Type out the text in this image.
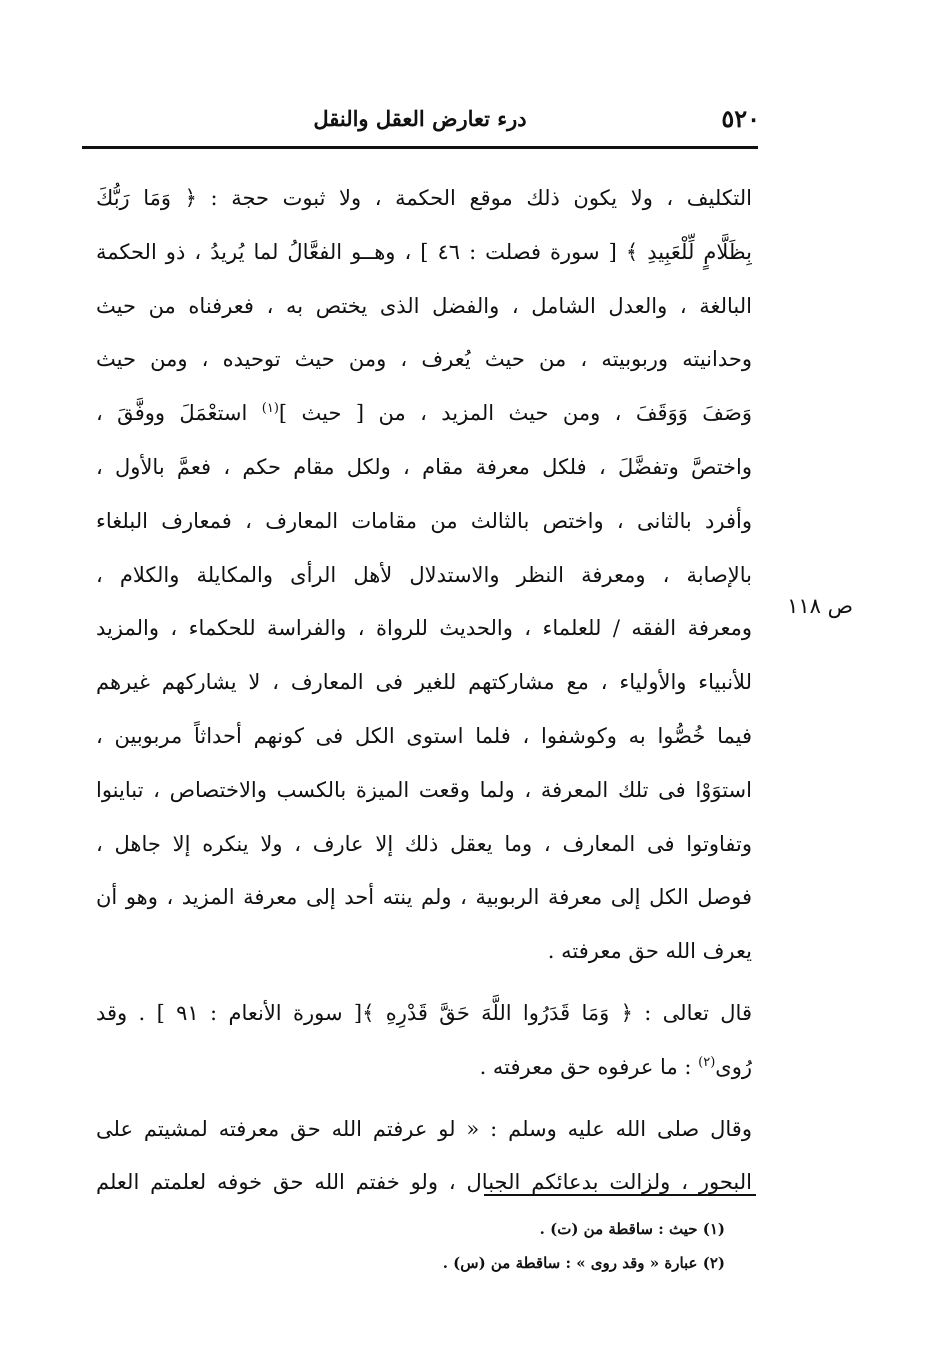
٥٢٠
درء تعارض العقل والنقل
ص ١١٨
التكليف ، ولا يكون ذلك موقع الحكمة ، ولا ثبوت حجة : ﴿ وَمَا رَبُّكَ
بِظَلَّامٍ لِّلْعَبِيدِ ﴾ [ سورة فصلت : ٤٦ ] ، وهــو الفعَّالُ لما يُريدُ ، ذو الحكمة
البالغة ، والعدل الشامل ، والفضل الذى يختص به ، فعرفناه من حيث
وحدانيته وربوبيته ، من حيث يُعرف ، ومن حيث توحيده ، ومن حيث
وَصَفَ وَوَقَفَ ، ومن حيث المزيد ، من [ حيث ]$^{(١)}$ استعْمَلَ ووفَّقَ ،
واختصَّ وتفضَّلَ ، فلكل معرفة مقام ، ولكل مقام حكم ، فعمَّ بالأول ،
وأفرد بالثانى ، واختص بالثالث من مقامات المعارف ، فمعارف البلغاء
بالإصابة ، ومعرفة النظر والاستدلال لأهل الرأى والمكايلة والكلام ،
ومعرفة الفقه / للعلماء ، والحديث للرواة ، والفراسة للحكماء ، والمزيد
للأنبياء والأولياء ، مع مشاركتهم للغير فى المعارف ، لا يشاركهم غيرهم
فيما خُصُّوا به وكوشفوا ، فلما استوى الكل فى كونهم أحداثاً مربوبين ،
استوَوْا فى تلك المعرفة ، ولما وقعت الميزة بالكسب والاختصاص ، تباينوا
وتفاوتوا فى المعارف ، وما يعقل ذلك إلا عارف ، ولا ينكره إلا جاهل ،
فوصل الكل إلى معرفة الربوبية ، ولم ينته أحد إلى معرفة المزيد ، وهو أن
يعرف الله حق معرفته .
قال تعالى : ﴿ وَمَا قَدَرُوا اللَّهَ حَقَّ قَدْرِهِ ﴾[ سورة الأنعام : ٩١ ] . وقد
رُوى$^{(٢)}$ : ما عرفوه حق معرفته .
وقال صلى الله عليه وسلم : « لو عرفتم الله حق معرفته لمشيتم على
البحور ، ولزالت بدعائكم الجبال ، ولو خفتم الله حق خوفه لعلمتم العلم
(١) حيث : ساقطة من (ت) .
(٢) عبارة « وقد روى » : ساقطة من (س) .
